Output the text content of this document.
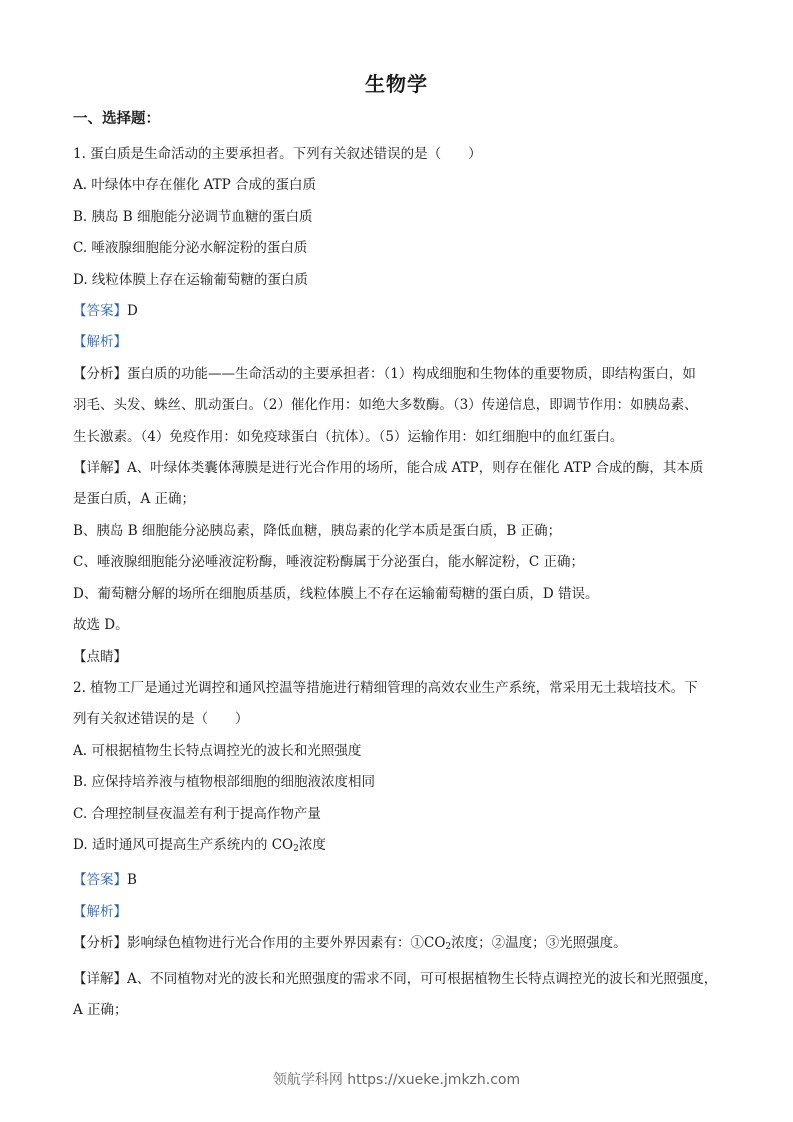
生物学
一、选择题：
1. 蛋白质是生命活动的主要承担者。下列有关叙述错误的是（　　）
A. 叶绿体中存在催化 ATP 合成的蛋白质
B. 胰岛 B 细胞能分泌调节血糖的蛋白质
C. 唾液腺细胞能分泌水解淀粉的蛋白质
D. 线粒体膜上存在运输葡萄糖的蛋白质
【答案】D
【解析】
【分析】蛋白质的功能——生命活动的主要承担者：（1）构成细胞和生物体的重要物质，即结构蛋白，如
羽毛、头发、蛛丝、肌动蛋白。（2）催化作用：如绝大多数酶。（3）传递信息，即调节作用：如胰岛素、
生长激素。（4）免疫作用：如免疫球蛋白（抗体）。（5）运输作用：如红细胞中的血红蛋白。
【详解】A、叶绿体类囊体薄膜是进行光合作用的场所，能合成 ATP，则存在催化 ATP 合成的酶，其本质
是蛋白质，A 正确；
B、胰岛 B 细胞能分泌胰岛素，降低血糖，胰岛素的化学本质是蛋白质，B 正确；
C、唾液腺细胞能分泌唾液淀粉酶，唾液淀粉酶属于分泌蛋白，能水解淀粉，C 正确；
D、葡萄糖分解的场所在细胞质基质，线粒体膜上不存在运输葡萄糖的蛋白质，D 错误。
故选 D。
【点睛】
2. 植物工厂是通过光调控和通风控温等措施进行精细管理的高效农业生产系统，常采用无土栽培技术。下
列有关叙述错误的是（　　）
A. 可根据植物生长特点调控光的波长和光照强度
B. 应保持培养液与植物根部细胞的细胞液浓度相同
C. 合理控制昼夜温差有利于提高作物产量
D. 适时通风可提高生产系统内的 $CO_2$浓度
【答案】B
【解析】
【分析】影响绿色植物进行光合作用的主要外界因素有：$①CO_2$浓度；②温度；③光照强度。
【详解】A、不同植物对光的波长和光照强度的需求不同，可可根据植物生长特点调控光的波长和光照强度，
A 正确；
领航学科网 https://xueke.jmkzh.com
